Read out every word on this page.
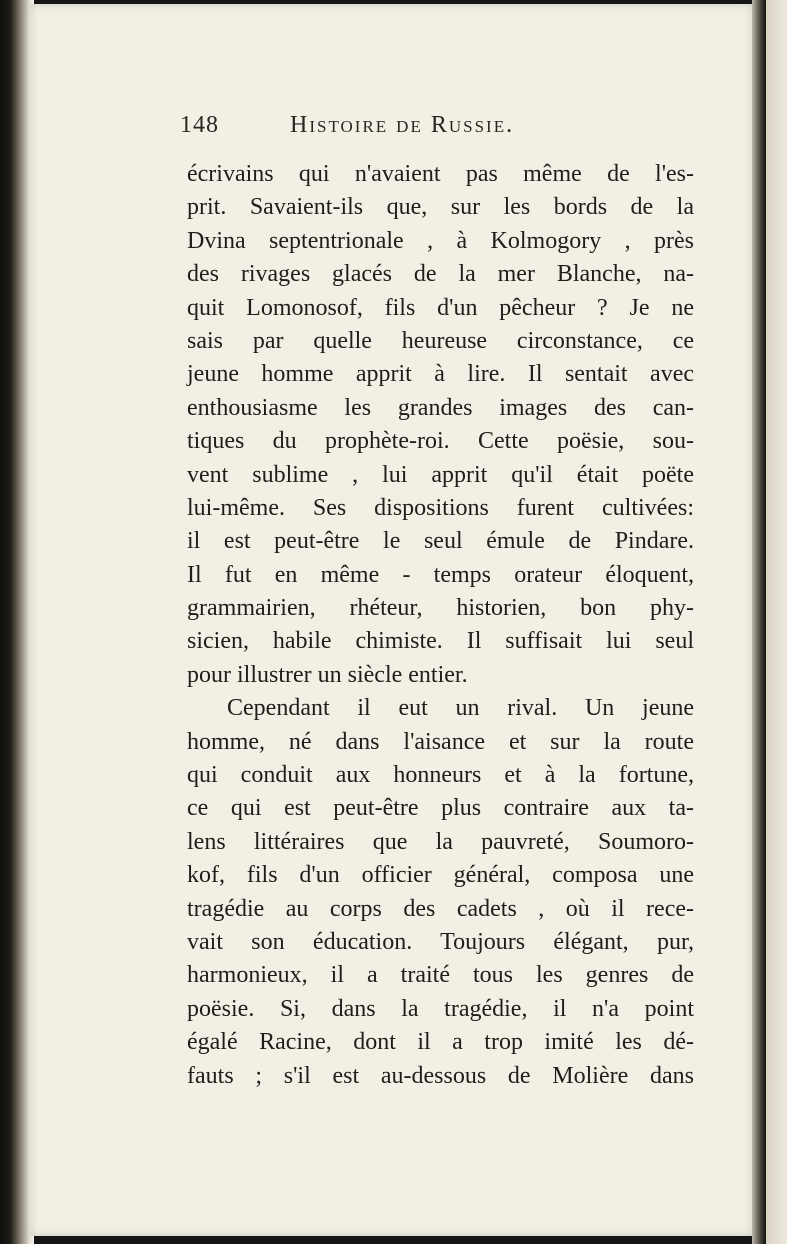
148	Histoire de Russie.
écrivains qui n'avaient pas même de l'es-
prit. Savaient-ils que, sur les bords de la
Dvina septentrionale , à Kolmogory , près
des rivages glacés de la mer Blanche, na-
quit Lomonosof, fils d'un pêcheur ? Je ne
sais par quelle heureuse circonstance, ce
jeune homme apprit à lire. Il sentait avec
enthousiasme les grandes images des can-
tiques du prophète-roi. Cette poësie, sou-
vent sublime , lui apprit qu'il était poëte
lui-même. Ses dispositions furent cultivées:
il est peut-être le seul émule de Pindare.
Il fut en même - temps orateur éloquent,
grammairien, rhéteur, historien, bon phy-
sicien, habile chimiste. Il suffisait lui seul
pour illustrer un siècle entier.
Cependant il eut un rival. Un jeune
homme, né dans l'aisance et sur la route
qui conduit aux honneurs et à la fortune,
ce qui est peut-être plus contraire aux ta-
lens littéraires que la pauvreté, Soumoro-
kof, fils d'un officier général, composa une
tragédie au corps des cadets , où il rece-
vait son éducation. Toujours élégant, pur,
harmonieux, il a traité tous les genres de
poësie. Si, dans la tragédie, il n'a point
égalé Racine, dont il a trop imité les dé-
fauts ; s'il est au-dessous de Molière dans
